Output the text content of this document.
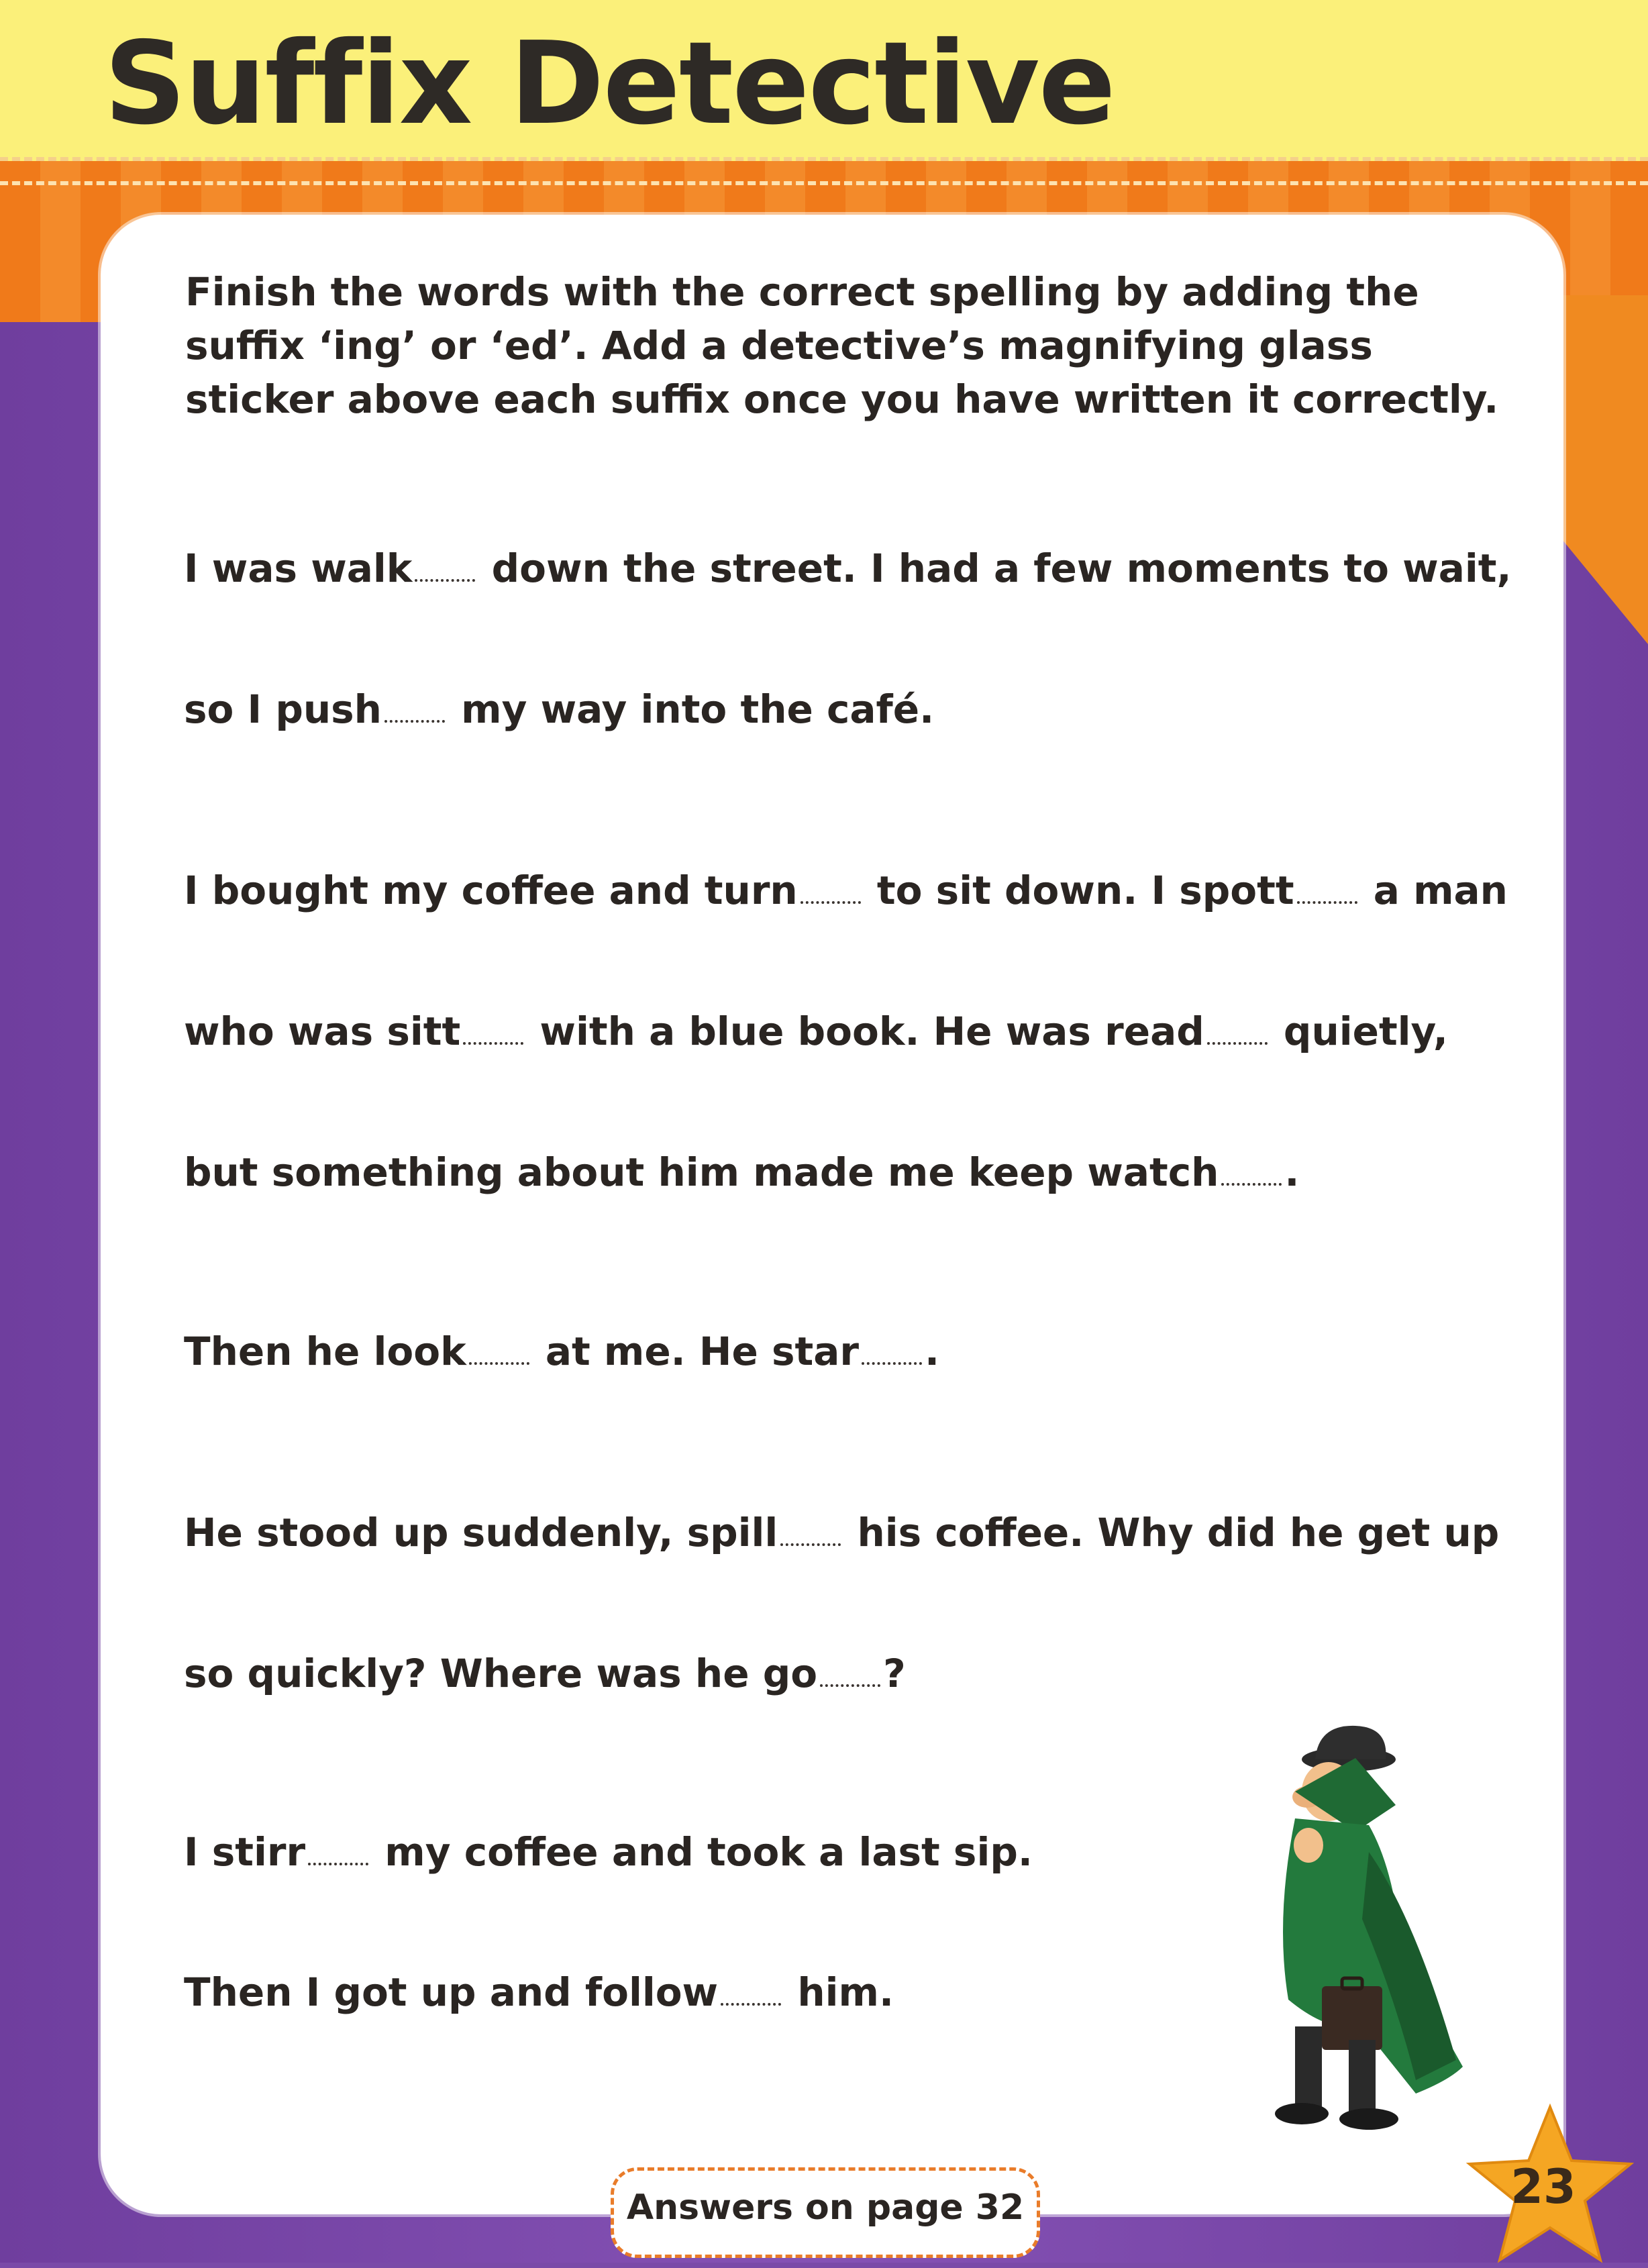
Suffix Detective

Finish the words with the correct spelling by adding the suffix ‘ing’ or ‘ed’. Add a detective’s magnifying glass sticker above each suffix once you have written it correctly.

I was walk down the street. I had a few moments to wait,
so I push my way into the café.
I bought my coffee and turn to sit down. I spott a man
who was sitt with a blue book. He was read quietly,
but something about him made me keep watch .
Then he look at me. He star .
He stood up suddenly, spill his coffee. Why did he get up
so quickly? Where was he go ?
I stirr my coffee and took a last sip.
Then I got up and follow him.
Answers on page 32	23
